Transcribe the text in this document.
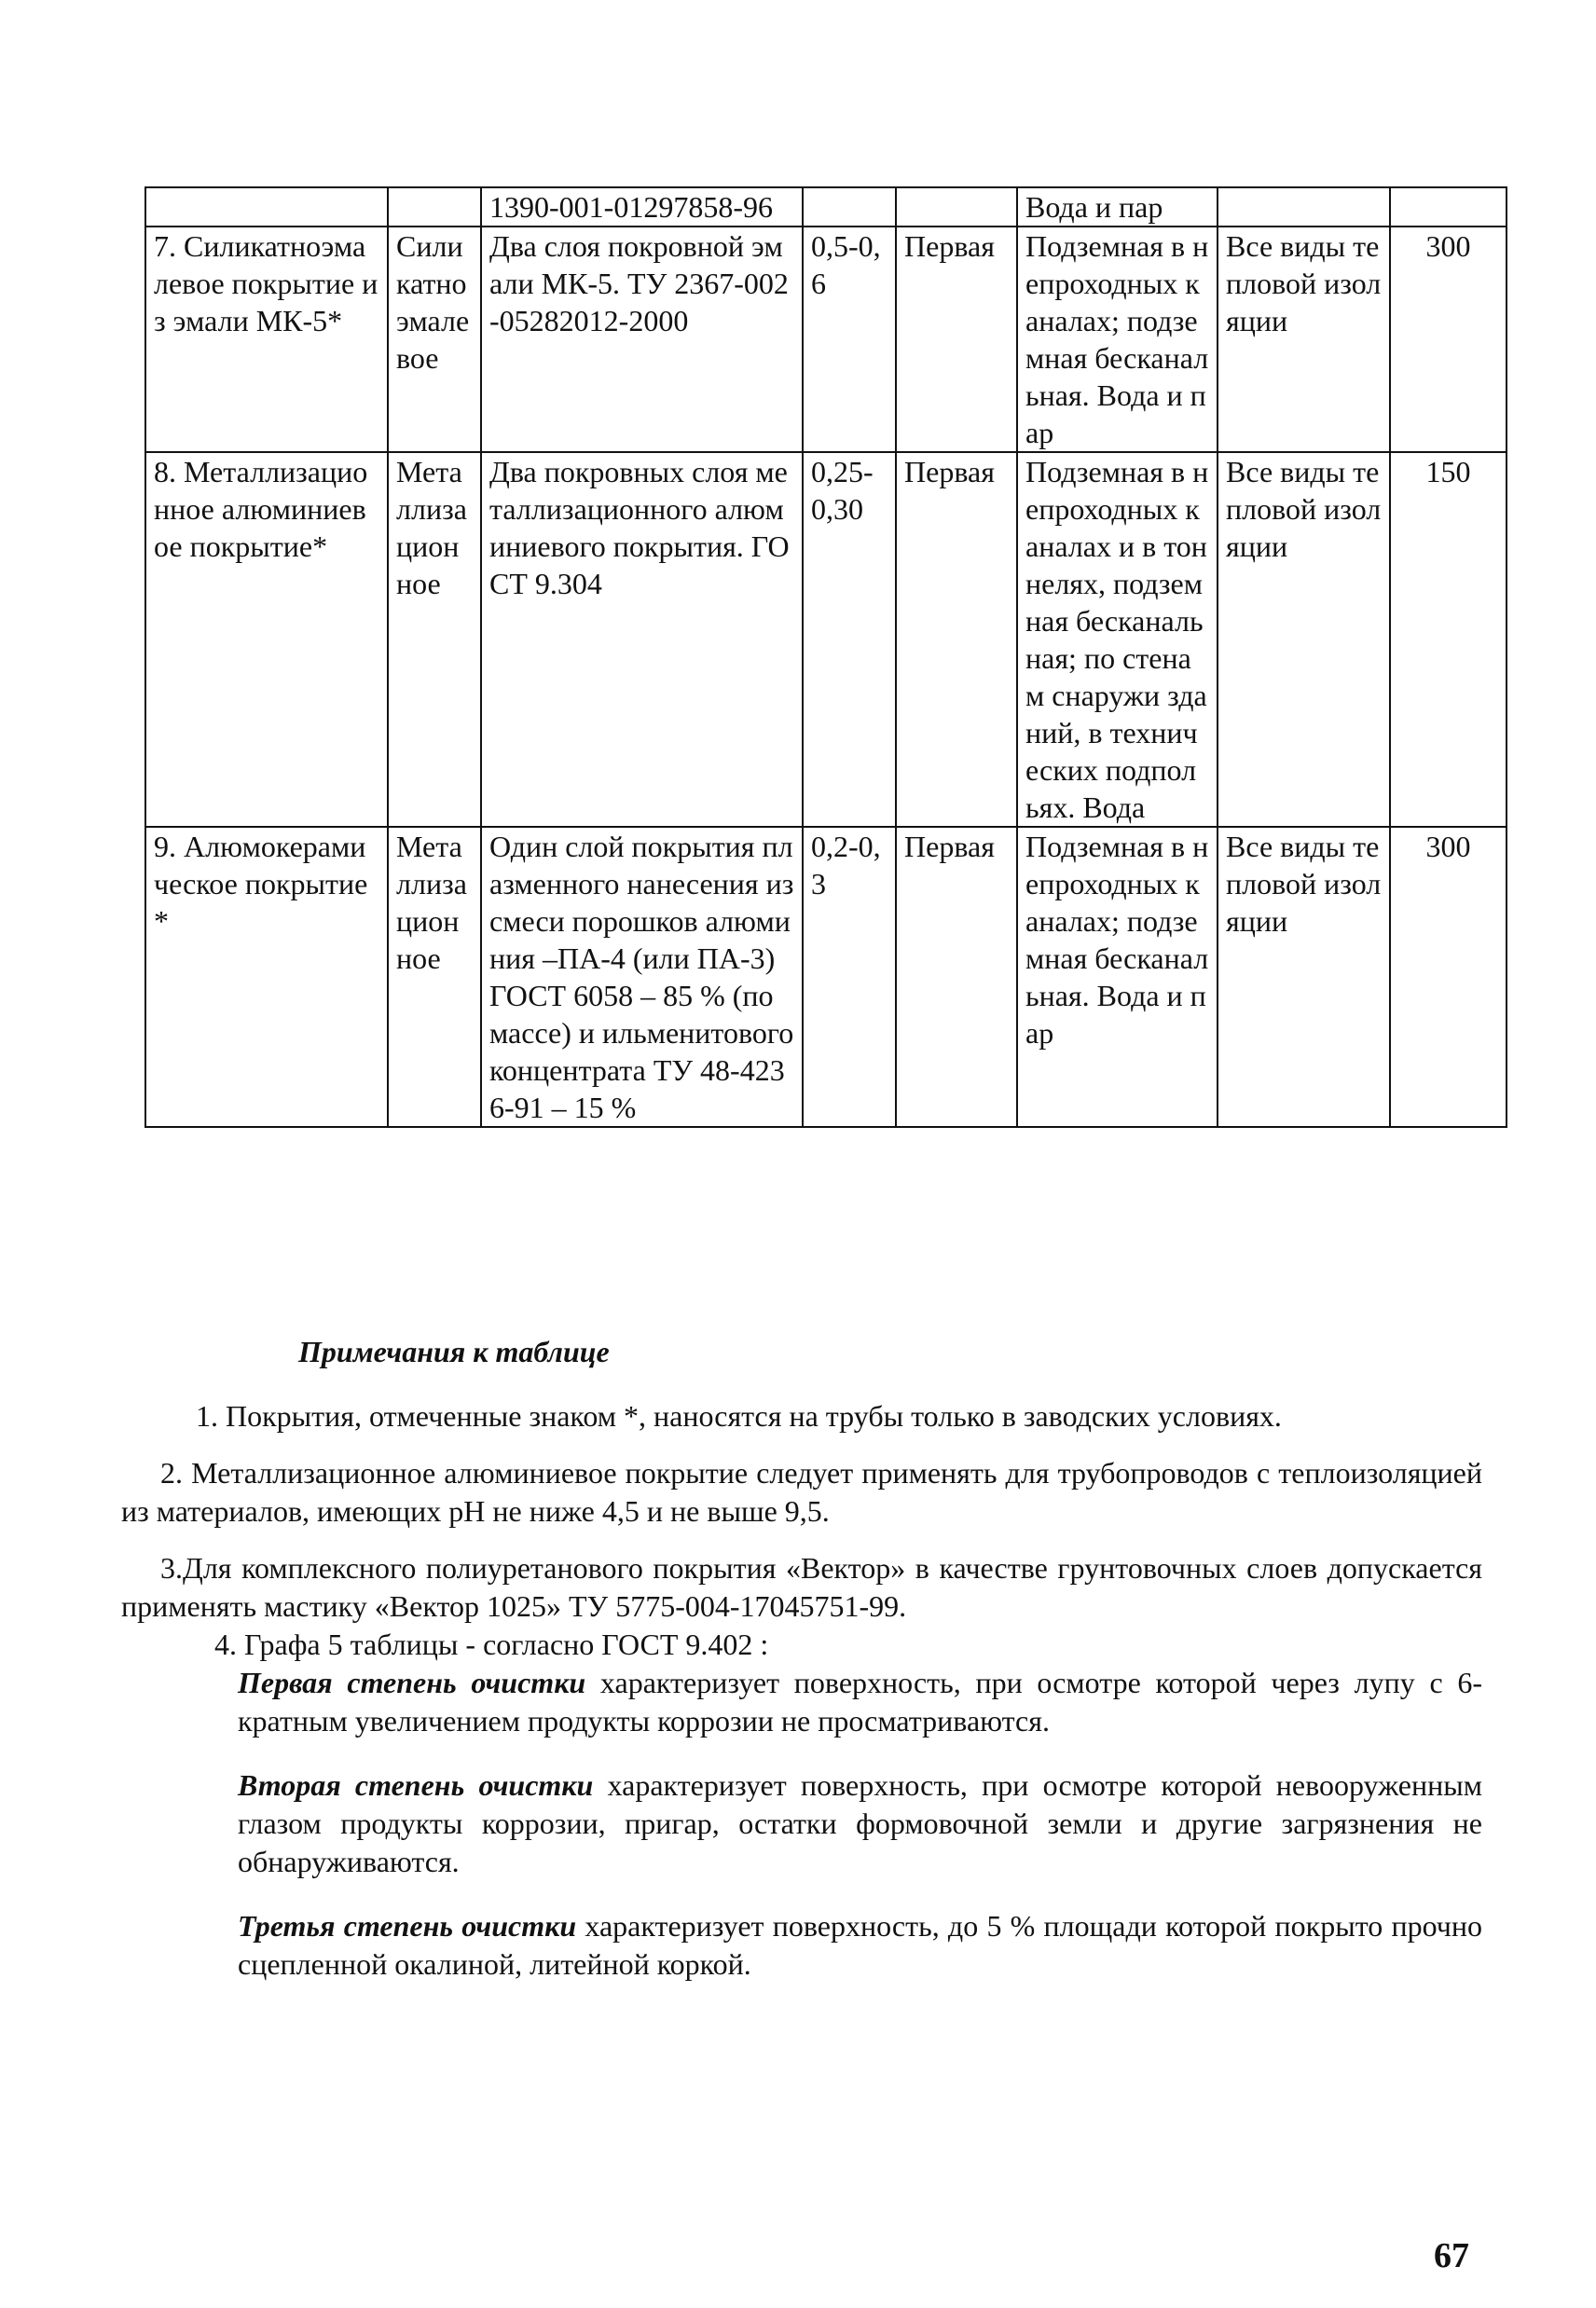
		1390-001-01297858-96			Вода и пар		
7. Силикатноэмалевое покрытие из эмали МК-5*	Силикатноэмалевое	Два слоя покровной эмали МК-5. ТУ 2367-002-05282012-2000	0,5-0,6	Первая	Подземная в непроходных каналах; подземная бесканальная. Вода и пар	Все виды тепловой изоляции	300
8. Металлизационное алюминиевое покрытие*	Металлизационное	Два покровных слоя металлизационного алюминиевого покрытия. ГОСТ 9.304	0,25-0,30	Первая	Подземная в непроходных каналах и в тоннелях, подземная бесканальная; по стенам снаружи зданий, в технических подпольях. Вода	Все виды тепловой изоляции	150
9. Алюмокерамическое покрытие*	Металлизационное	Один слой покрытия плазменного нанесения из смеси порошков алюминия –ПА-4 (или ПА-3) ГОСТ 6058 – 85 % (по массе) и ильменитового концентрата ТУ 48-4236-91 – 15 %	0,2-0,3	Первая	Подземная в непроходных каналах; подземная бесканальная. Вода и пар	Все виды тепловой изоляции	300
Примечания к таблице

1. Покрытия, отмеченные знаком *, наносятся на трубы только в заводских условиях.

2. Металлизационное алюминиевое покрытие следует применять для трубопроводов с теплоизоляцией из материалов, имеющих рН не ниже 4,5 и не выше 9,5.

3.Для комплексного полиуретанового покрытия «Вектор» в качестве грунтовочных слоев допускается применять мастику «Вектор 1025» ТУ 5775-004-17045751-99.

4. Графа 5 таблицы - согласно ГОСТ 9.402 :

Первая степень очистки характеризует поверхность, при осмотре которой через лупу с 6-кратным увеличением продукты коррозии не просматриваются.

Вторая степень очистки характеризует поверхность, при осмотре которой невооруженным глазом продукты коррозии, пригар, остатки формовочной земли и другие загрязнения не обнаруживаются.

Третья степень очистки характеризует поверхность, до 5 % площади которой покрыто прочно сцепленной окалиной, литейной коркой.

67
